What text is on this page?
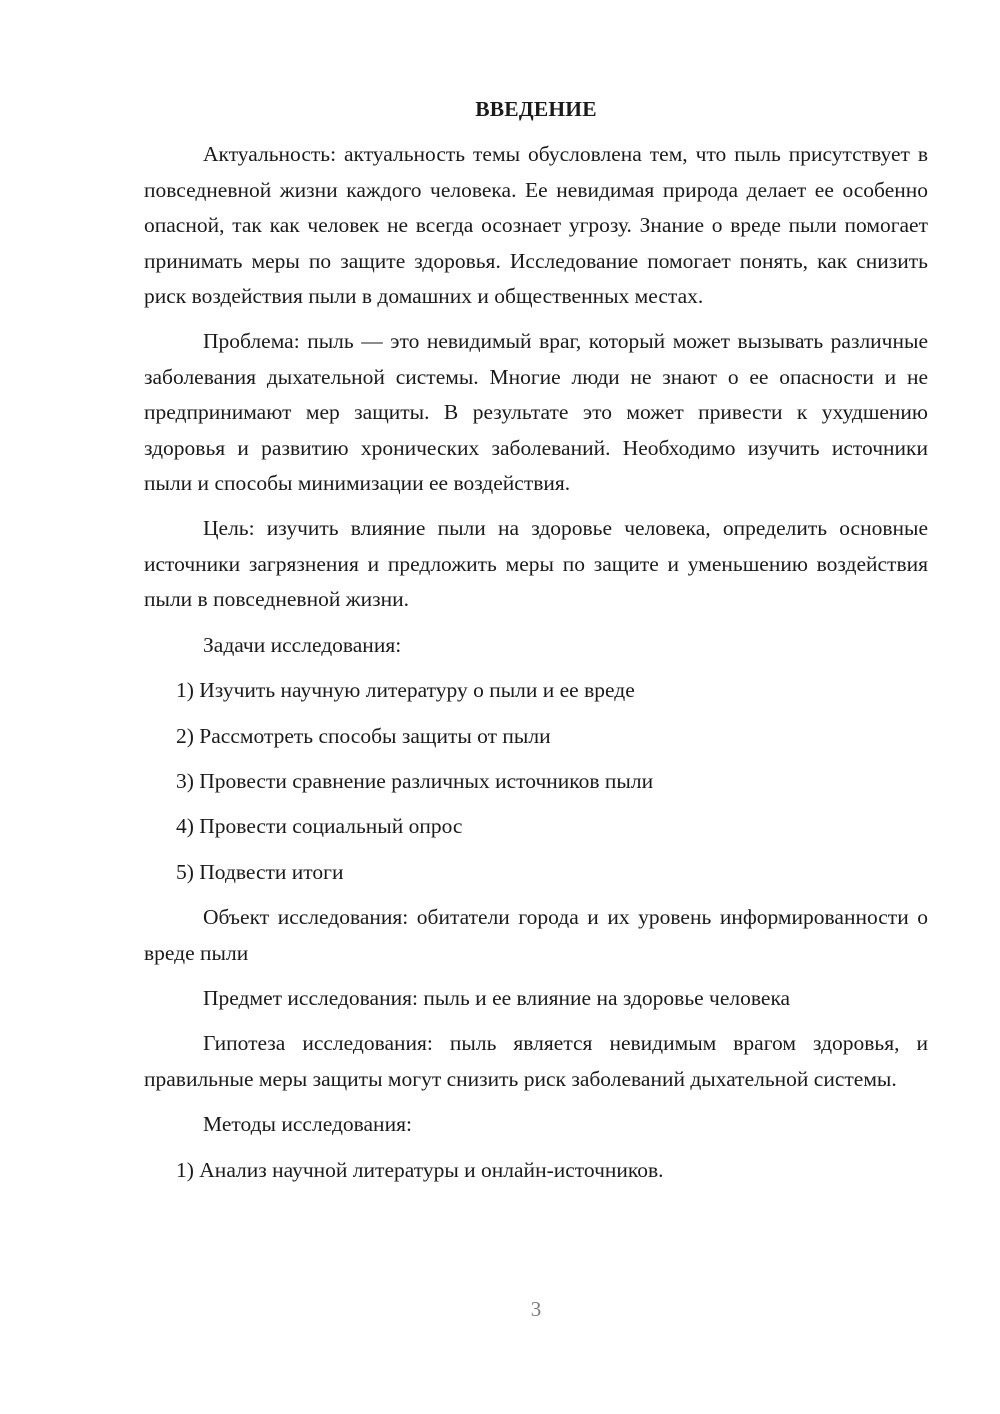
ВВЕДЕНИЕ

Актуальность: актуальность темы обусловлена тем, что пыль присутствует в повседневной жизни каждого человека. Ее невидимая природа делает ее особенно опасной, так как человек не всегда осознает угрозу. Знание о вреде пыли помогает принимать меры по защите здоровья. Исследование помогает понять, как снизить риск воздействия пыли в домашних и общественных местах.

Проблема: пыль — это невидимый враг, который может вызывать различные заболевания дыхательной системы. Многие люди не знают о ее опасности и не предпринимают мер защиты. В результате это может привести к ухудшению здоровья и развитию хронических заболеваний. Необходимо изучить источники пыли и способы минимизации ее воздействия.

Цель: изучить влияние пыли на здоровье человека, определить основные источники загрязнения и предложить меры по защите и уменьшению воздействия пыли в повседневной жизни.

Задачи исследования:

1) Изучить научную литературу о пыли и ее вреде

2) Рассмотреть способы защиты от пыли

3) Провести сравнение различных источников пыли

4) Провести социальный опрос

5) Подвести итоги

Объект исследования: обитатели города и их уровень информированности о вреде пыли

Предмет исследования: пыль и ее влияние на здоровье человека

Гипотеза исследования: пыль является невидимым врагом здоровья, и правильные меры защиты могут снизить риск заболеваний дыхательной системы.

Методы исследования:

1) Анализ научной литературы и онлайн-источников.

3
